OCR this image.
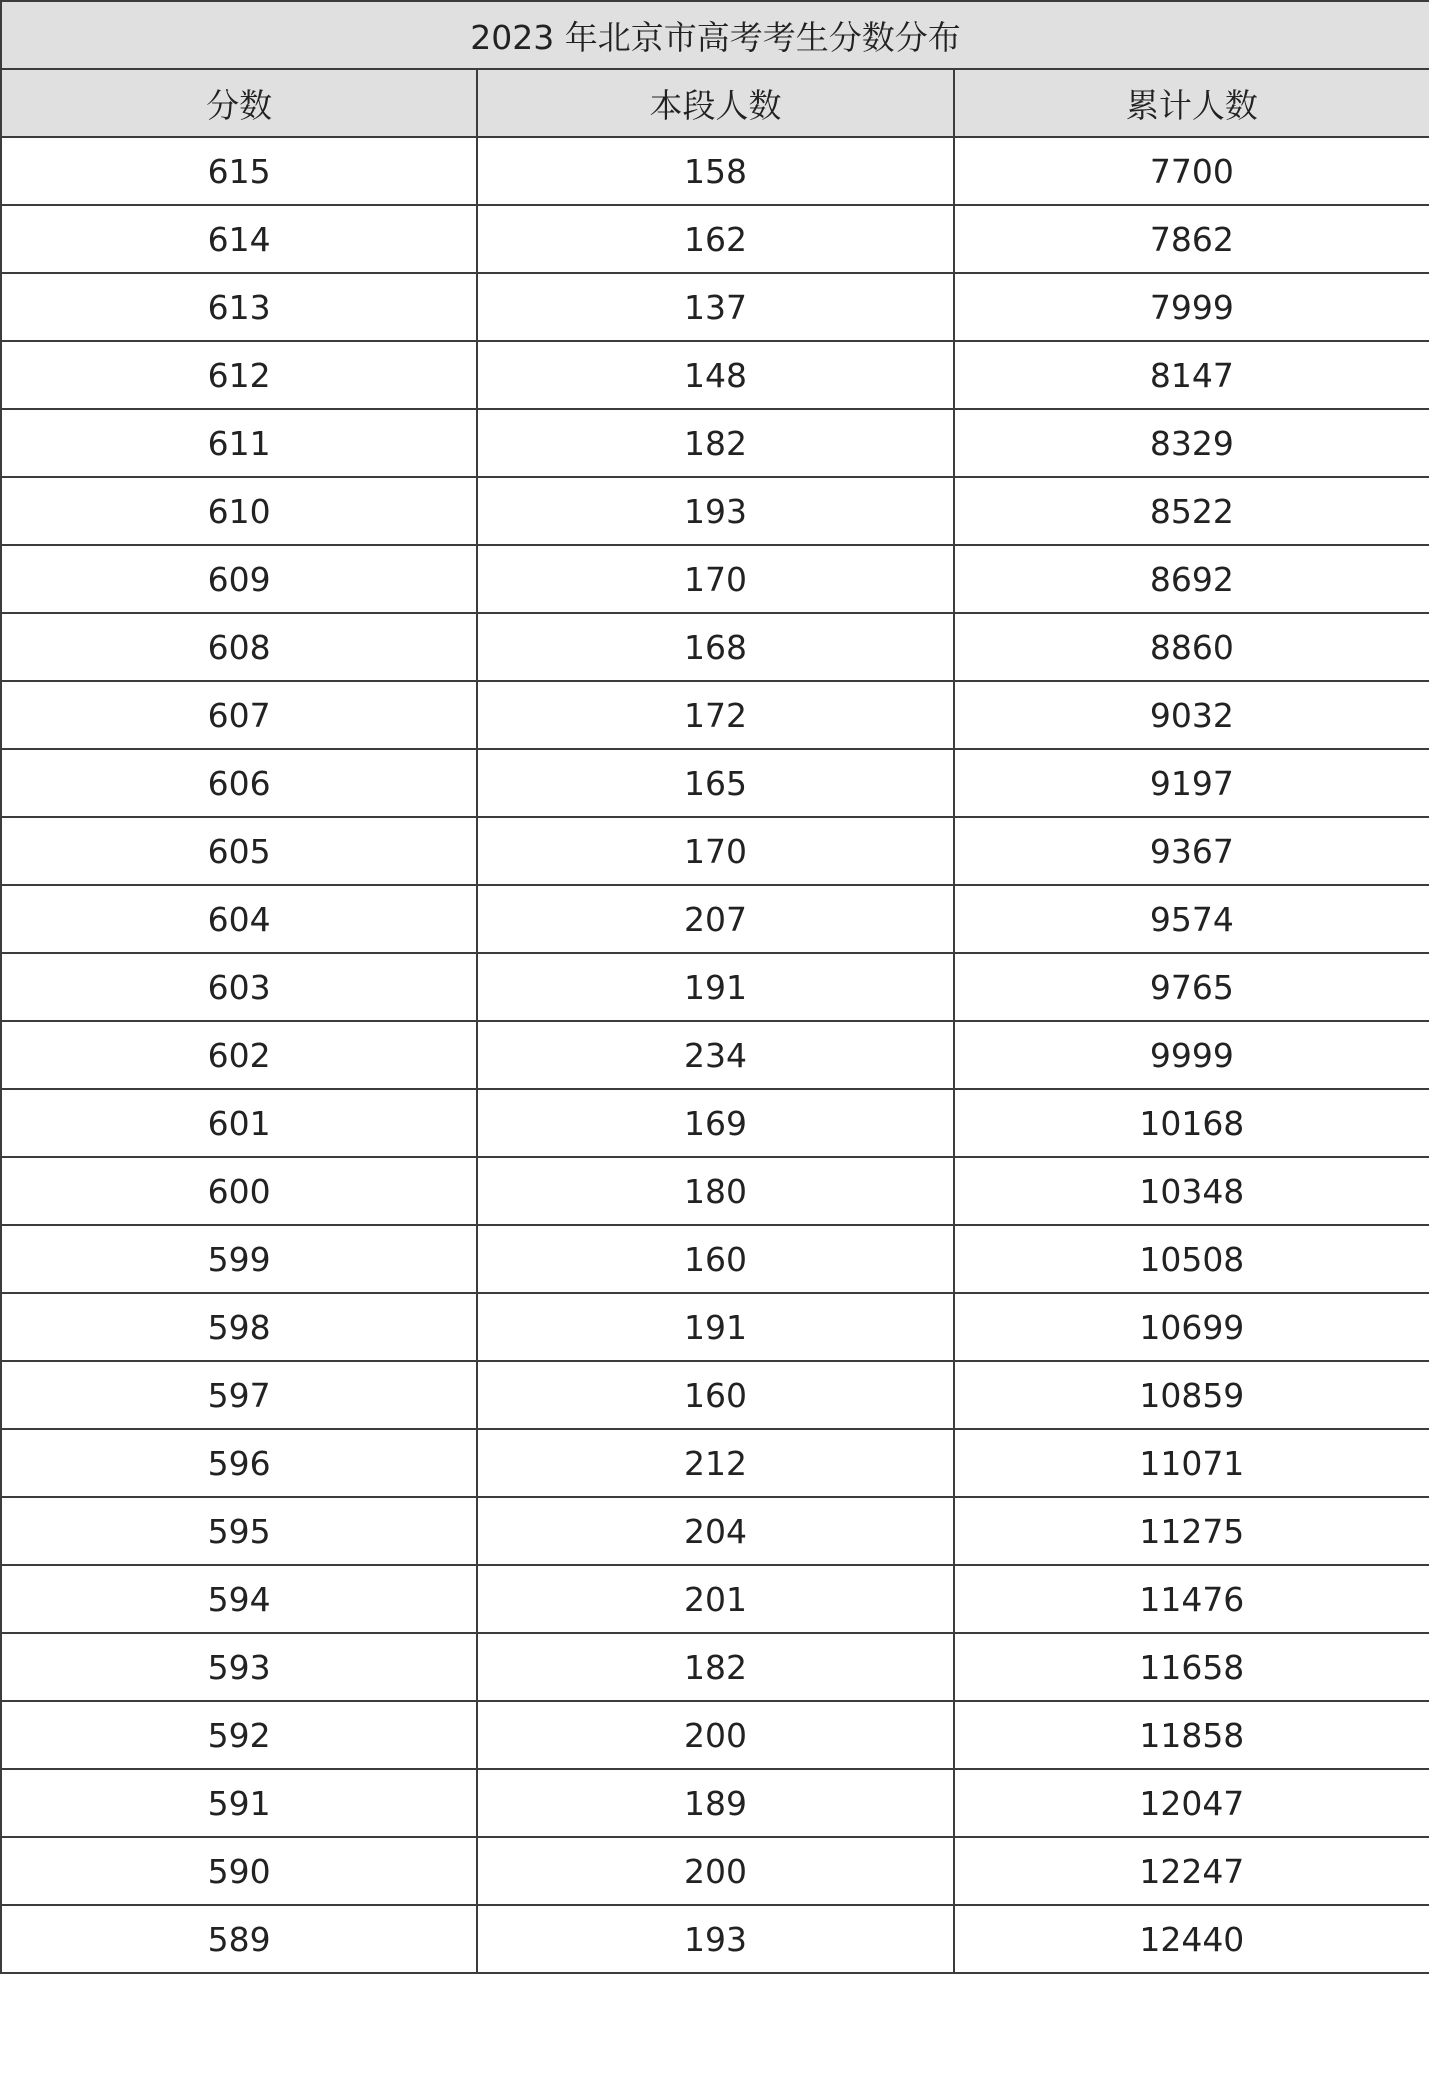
2023 年北京市高考考生分数分布		
分数	本段人数	累计人数
615	158	7700
614	162	7862
613	137	7999
612	148	8147
611	182	8329
610	193	8522
609	170	8692
608	168	8860
607	172	9032
606	165	9197
605	170	9367
604	207	9574
603	191	9765
602	234	9999
601	169	10168
600	180	10348
599	160	10508
598	191	10699
597	160	10859
596	212	11071
595	204	11275
594	201	11476
593	182	11658
592	200	11858
591	189	12047
590	200	12247
589	193	12440
